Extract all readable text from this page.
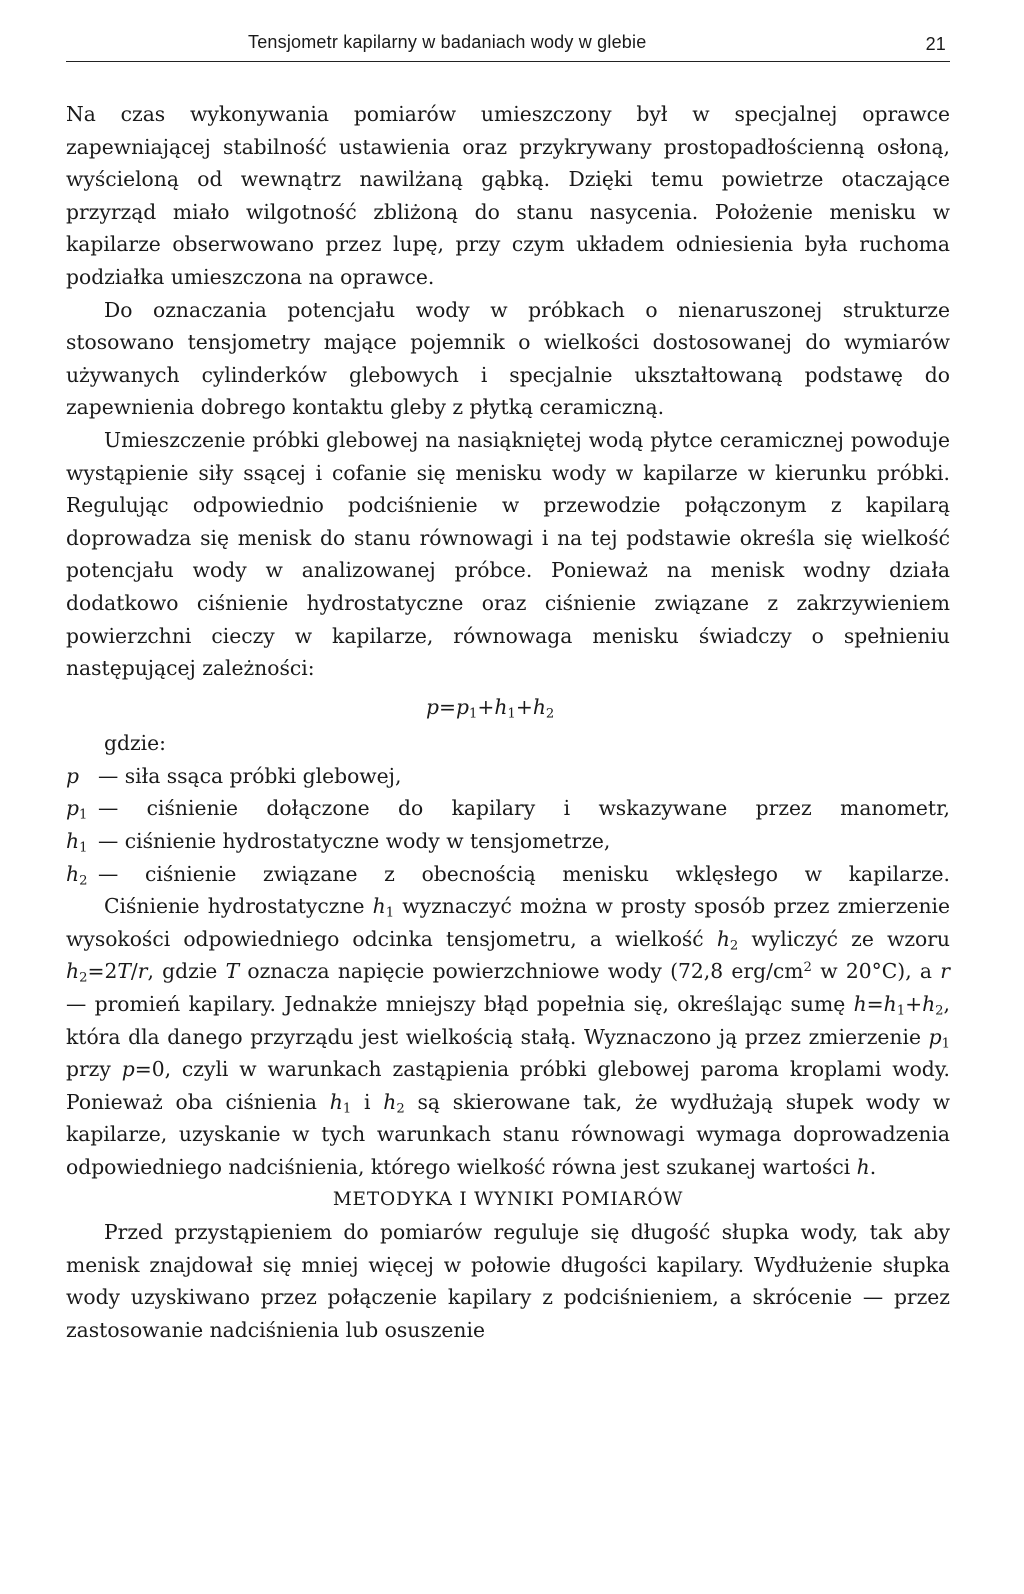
Tensjometr kapilarny w badaniach wody w glebie	21

Na czas wykonywania pomiarów umieszczony był w specjalnej oprawce zapewniającej stabilność ustawienia oraz przykrywany prostopadłościenną osłoną, wyścieloną od wewnątrz nawilżaną gąbką. Dzięki temu powietrze otaczające przyrząd miało wilgotność zbliżoną do stanu nasycenia. Położenie menisku w kapilarze obserwowano przez lupę, przy czym układem odniesienia była ruchoma podziałka umieszczona na oprawce.

Do oznaczania potencjału wody w próbkach o nienaruszonej strukturze stosowano tensjometry mające pojemnik o wielkości dostosowanej do wymiarów używanych cylinderków glebowych i specjalnie ukształtowaną podstawę do zapewnienia dobrego kontaktu gleby z płytką ceramiczną.

Umieszczenie próbki glebowej na nasiąkniętej wodą płytce ceramicznej powoduje wystąpienie siły ssącej i cofanie się menisku wody w kapilarze w kierunku próbki. Regulując odpowiednio podciśnienie w przewodzie połączonym z kapilarą doprowadza się menisk do stanu równowagi i na tej podstawie określa się wielkość potencjału wody w analizowanej próbce. Ponieważ na menisk wodny działa dodatkowo ciśnienie hydrostatyczne oraz ciśnienie związane z zakrzywieniem powierzchni cieczy w kapilarze, równowaga menisku świadczy o spełnieniu następującej zależności:

$p=p_1+h_1+h_2$

gdzie:

p — siła ssąca próbki glebowej,
$p_1$ — ciśnienie dołączone do kapilary i wskazywane przez manometr,
$h_1$ — ciśnienie hydrostatyczne wody w tensjometrze,
$h_2$ — ciśnienie związane z obecnością menisku wklęsłego w kapilarze.

Ciśnienie hydrostatyczne $h_1$ wyznaczyć można w prosty sposób przez zmierzenie wysokości odpowiedniego odcinka tensjometru, a wielkość $h_2$ wyliczyć ze wzoru $h_2=2T/r$, gdzie T oznacza napięcie powierzchniowe wody (72,8 erg/$cm^2$ w 20°C), a r — promień kapilary. Jednakże mniejszy błąd popełnia się, określając sumę $h=h_1+h_2$, która dla danego przyrządu jest wielkością stałą. Wyznaczono ją przez zmierzenie $p_1$ przy p=0, czyli w warunkach zastąpienia próbki glebowej paroma kroplami wody. Ponieważ oba ciśnienia $h_1$ i $h_2$ są skierowane tak, że wydłużają słupek wody w kapilarze, uzyskanie w tych warunkach stanu równowagi wymaga doprowadzenia odpowiedniego nadciśnienia, którego wielkość równa jest szukanej wartości h.

METODYKA I WYNIKI POMIARÓW

Przed przystąpieniem do pomiarów reguluje się długość słupka wody, tak aby menisk znajdował się mniej więcej w połowie długości kapilary. Wydłużenie słupka wody uzyskiwano przez połączenie kapilary z podciśnieniem, a skrócenie — przez zastosowanie nadciśnienia lub osuszenie
